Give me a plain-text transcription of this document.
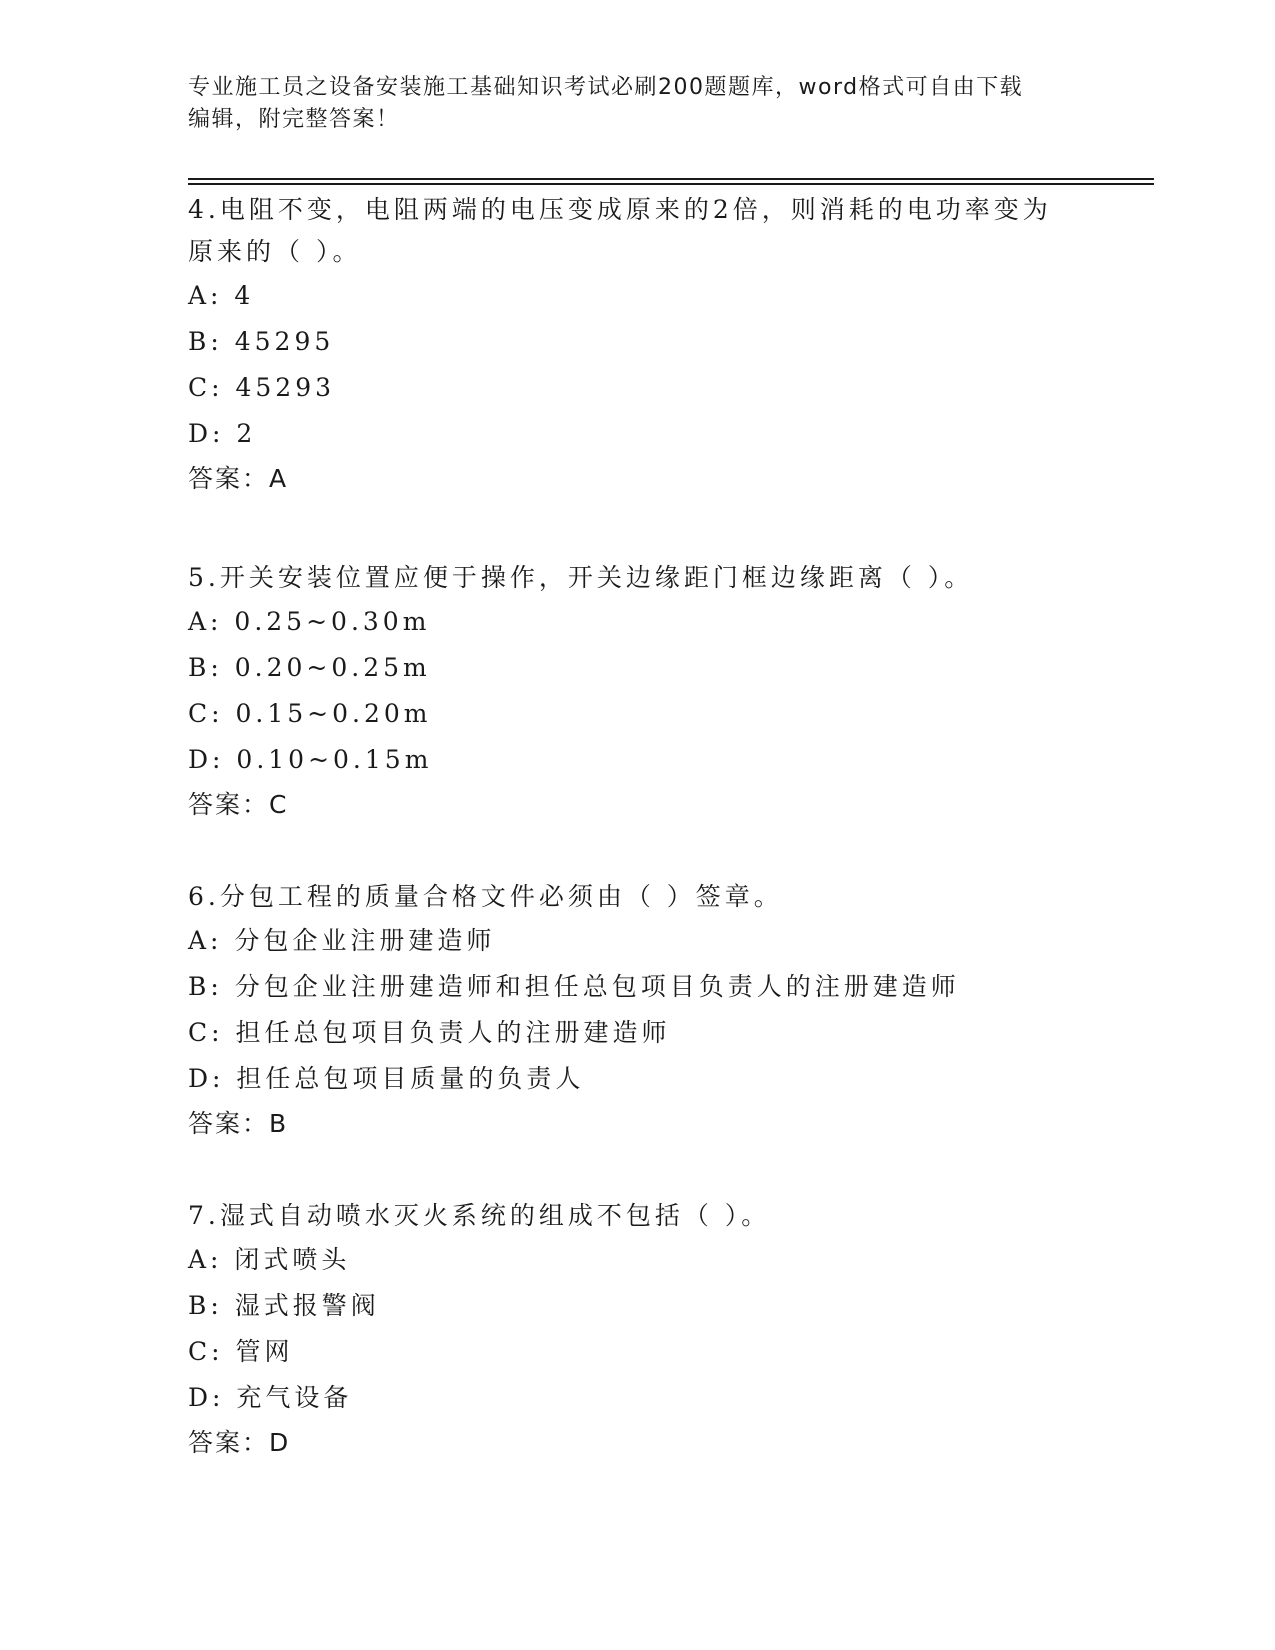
专业施工员之设备安装施工基础知识考试必刷200题题库，word格式可自由下载
编辑，附完整答案！
4.电阻不变，电阻两端的电压变成原来的2倍，则消耗的电功率变为
原来的（ ）。
A: 4
B: 45295
C: 45293
D: 2
答案：A
5.开关安装位置应便于操作，开关边缘距门框边缘距离（ ）。
A: 0.25~0.30m
B: 0.20~0.25m
C: 0.15~0.20m
D: 0.10~0.15m
答案：C
6.分包工程的质量合格文件必须由（ ）签章。
A: 分包企业注册建造师
B: 分包企业注册建造师和担任总包项目负责人的注册建造师
C: 担任总包项目负责人的注册建造师
D: 担任总包项目质量的负责人
答案：B
7.湿式自动喷水灭火系统的组成不包括（ ）。
A: 闭式喷头
B: 湿式报警阀
C: 管网
D: 充气设备
答案：D
